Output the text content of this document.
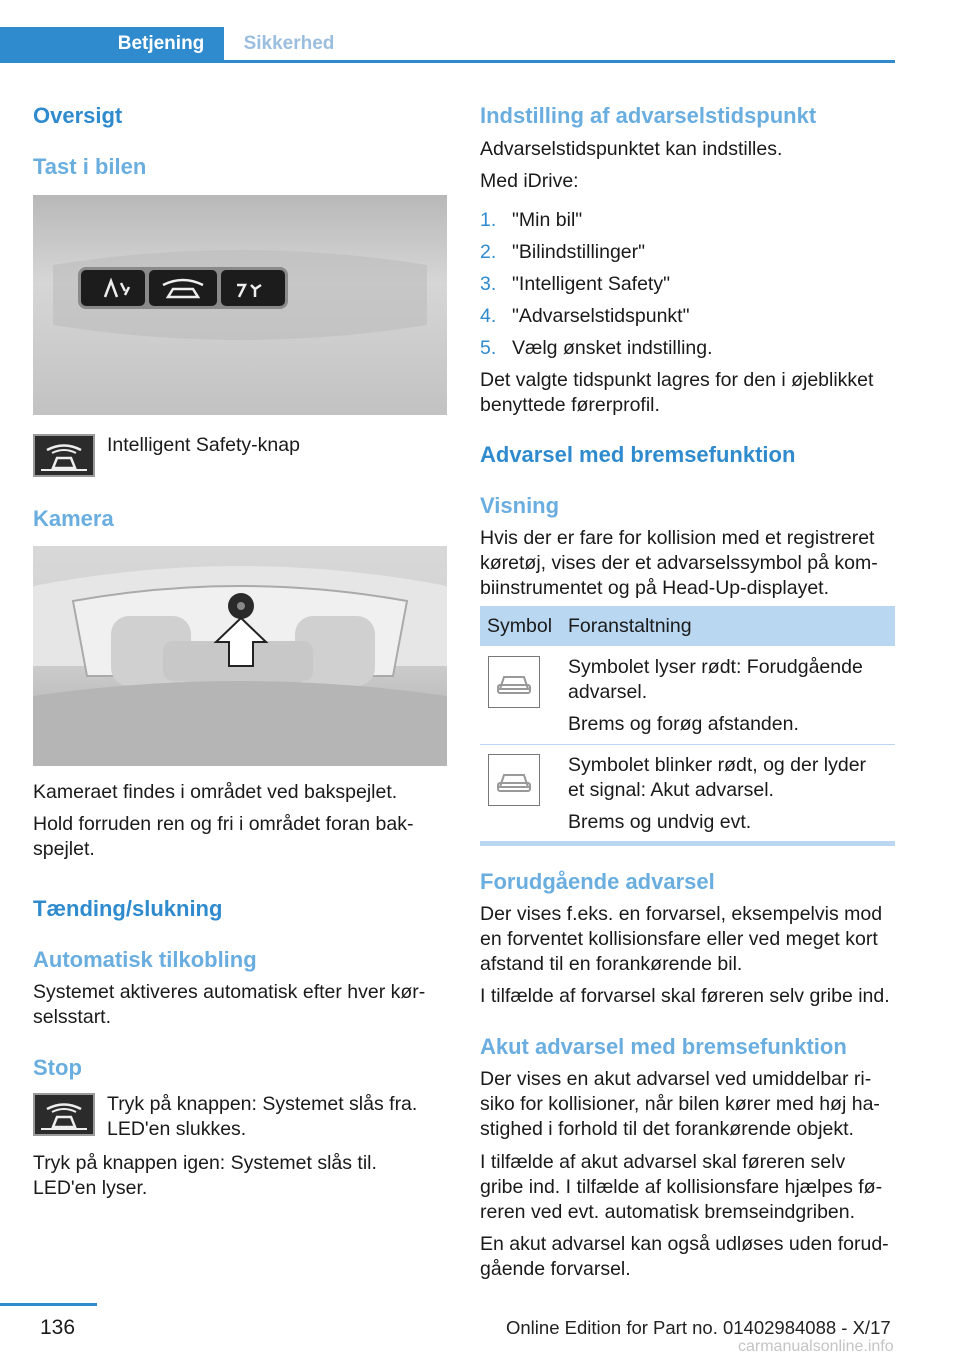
Betjening	Sikkerhed
Oversigt
Tast i bilen
Intelligent Safety-knap
Kamera
Kameraet findes i området ved bakspejlet.
Hold forruden ren og fri i området foran bak-
spejlet.
Tænding/slukning
Automatisk tilkobling
Systemet aktiveres automatisk efter hver kør-
selsstart.
Stop
Tryk på knappen: Systemet slås fra.
LED'en slukkes.
Tryk på knappen igen: Systemet slås til.
LED'en lyser.
Indstilling af advarselstidspunkt
Advarselstidspunktet kan indstilles.
Med iDrive:
1. "Min bil"
2. "Bilindstillinger"
3. "Intelligent Safety"
4. "Advarselstidspunkt"
5. Vælg ønsket indstilling.
Det valgte tidspunkt lagres for den i øjeblikket
benyttede førerprofil.
Advarsel med bremsefunktion
Visning
Hvis der er fare for kollision med et registreret
køretøj, vises der et advarselssymbol på kom-
biinstrumentet og på Head-Up-displayet.
Symbol Foranstaltning
Symbolet lyser rødt: Forudgående
advarsel.
Brems og forøg afstanden.
Symbolet blinker rødt, og der lyder
et signal: Akut advarsel.
Brems og undvig evt.
Forudgående advarsel
Der vises f.eks. en forvarsel, eksempelvis mod
en forventet kollisionsfare eller ved meget kort
afstand til en forankørende bil.
I tilfælde af forvarsel skal føreren selv gribe ind.
Akut advarsel med bremsefunktion
Der vises en akut advarsel ved umiddelbar ri-
siko for kollisioner, når bilen kører med høj ha-
stighed i forhold til det forankørende objekt.
I tilfælde af akut advarsel skal føreren selv
gribe ind. I tilfælde af kollisionsfare hjælpes fø-
reren ved evt. automatisk bremseindgriben.
En akut advarsel kan også udløses uden forud-
gående forvarsel.
136	Online Edition for Part no. 01402984088 - X/17
carmanualsonline.info
